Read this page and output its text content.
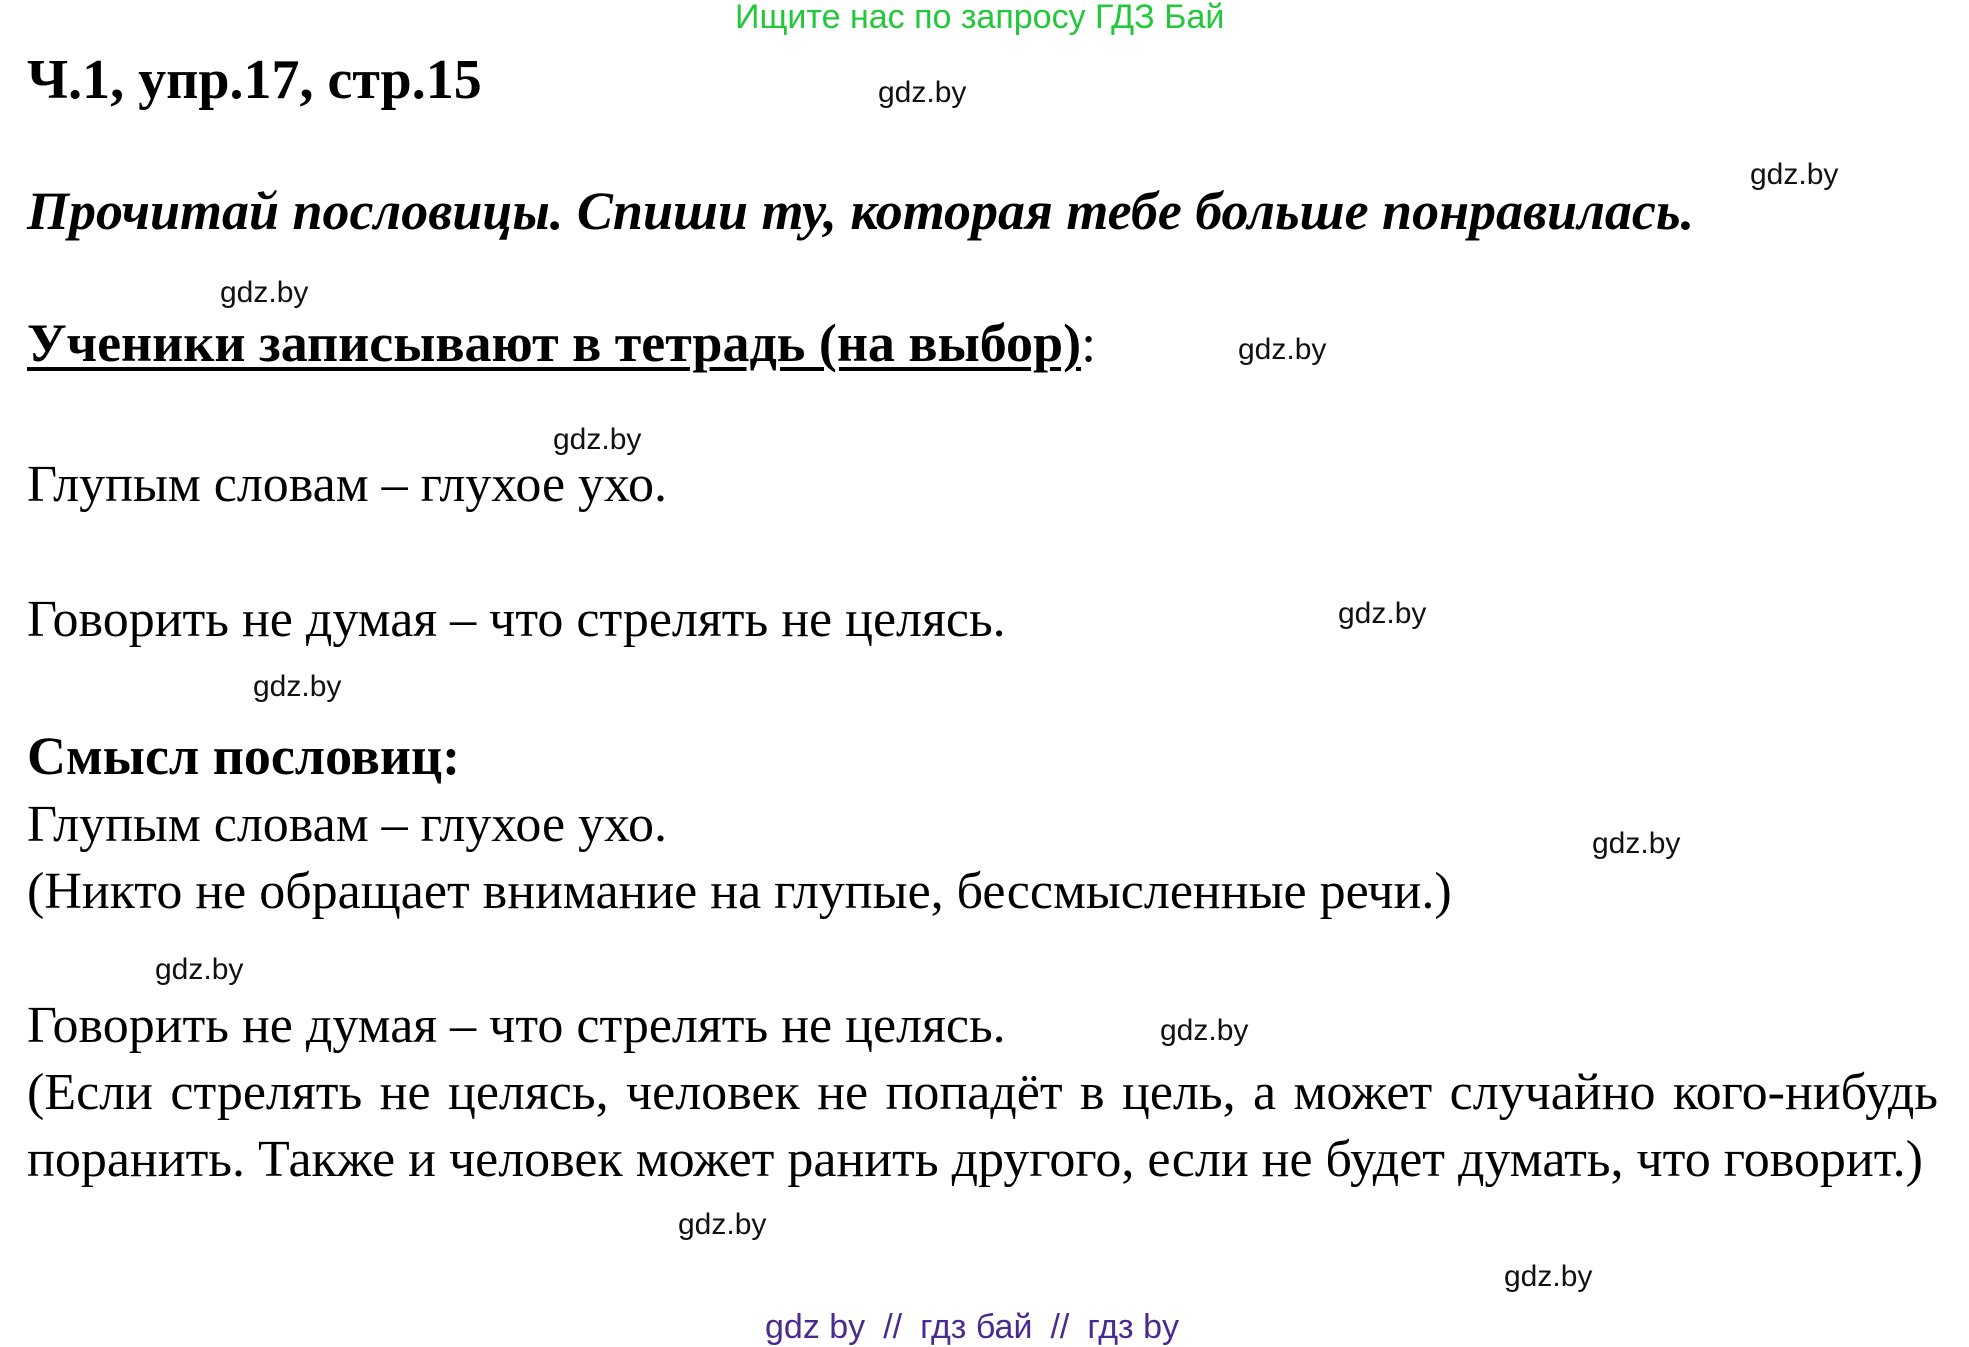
Ищите нас по запросу ГДЗ Бай
Ч.1, упр.17, стр.15
Прочитай пословицы. Спиши ту, которая тебе больше понравилась.
Ученики записывают в тетрадь (на выбор):
Глупым словам – глухое ухо.
Говорить не думая – что стрелять не целясь.
Смысл пословиц:
Глупым словам – глухое ухо.
(Никто не обращает внимание на глупые, бессмысленные речи.)
Говорить не думая – что стрелять не целясь.
(Если стрелять не целясь, человек не попадёт в цель, а может случайно кого-нибудь поранить. Также и человек может ранить другого, если не будет думать, что говорит.)
gdz.by
gdz.by
gdz.by
gdz.by
gdz.by
gdz.by
gdz.by
gdz.by
gdz.by
gdz.by
gdz.by
gdz.by
gdz by // гдз бай // гдз by
